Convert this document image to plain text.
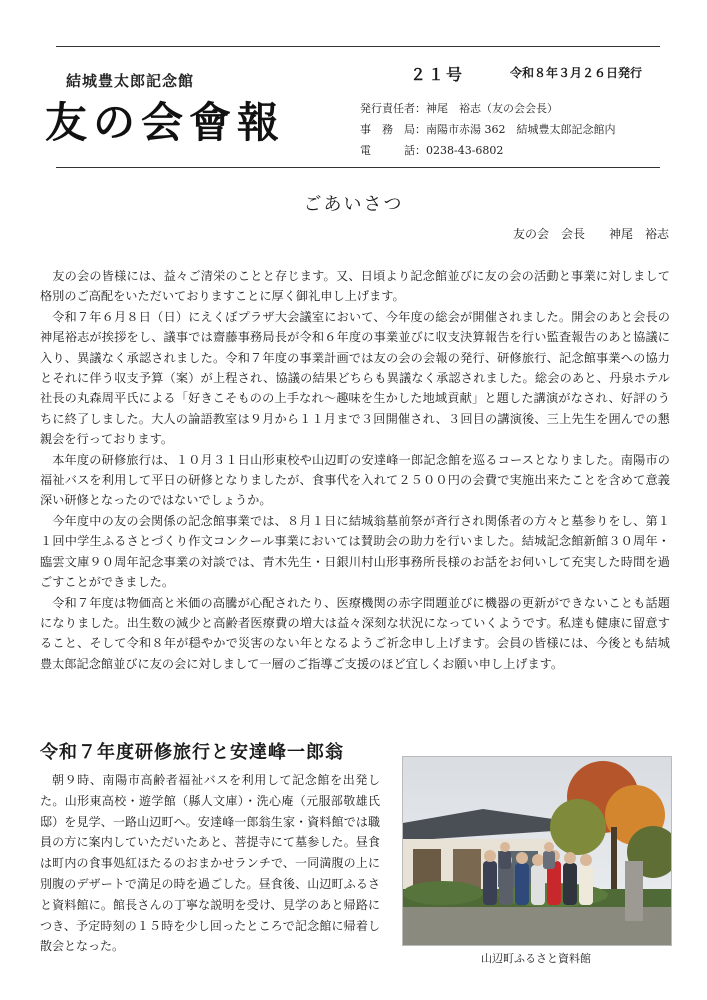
結城豊太郎記念館
友の会會報
２１号	令和８年３月２６日発行
発行責任者：神尾　裕志（友の会会長）
事　務　局：南陽市赤湯 362　結城豊太郎記念館内
電　　　話：0238-43-6802
ごあいさつ
友の会　会長　　神尾　裕志

友の会の皆様には、益々ご清栄のことと存じます。又、日頃より記念館並びに友の会の活動と事業に対しまして格別のご高配をいただいておりますことに厚く御礼申し上げます。

令和７年６月８日（日）にえくぼプラザ大会議室において、今年度の総会が開催されました。開会のあと会長の神尾裕志が挨拶をし、議事では齋藤事務局長が令和６年度の事業並びに収支決算報告を行い監査報告のあと協議に入り、異議なく承認されました。令和７年度の事業計画では友の会の会報の発行、研修旅行、記念館事業への協力とそれに伴う収支予算（案）が上程され、協議の結果どちらも異議なく承認されました。総会のあと、丹泉ホテル社長の丸森周平氏による「好きこそものの上手なれ～趣味を生かした地域貢献」と題した講演がなされ、好評のうちに終了しました。大人の論語教室は９月から１１月まで３回開催され、３回目の講演後、三上先生を囲んでの懇親会を行っております。

本年度の研修旅行は、１０月３１日山形東校や山辺町の安達峰一郎記念館を巡るコースとなりました。南陽市の福祉バスを利用して平日の研修となりましたが、食事代を入れて２５００円の会費で実施出来たことを含めて意義深い研修となったのではないでしょうか。

今年度中の友の会関係の記念館事業では、８月１日に結城翁墓前祭が斉行され関係者の方々と墓参りをし、第１１回中学生ふるさとづくり作文コンクール事業においては賛助会の助力を行いました。結城記念館新館３０周年・臨雲文庫９０周年記念事業の対談では、青木先生・日銀川村山形事務所長様のお話をお伺いして充実した時間を過ごすことができました。

令和７年度は物価高と米価の高騰が心配されたり、医療機関の赤字問題並びに機器の更新ができないことも話題になりました。出生数の減少と高齢者医療費の増大は益々深刻な状況になっていくようです。私達も健康に留意すること、そして令和８年が穏やかで災害のない年となるようご祈念申し上げます。会員の皆様には、今後とも結城豊太郎記念館並びに友の会に対しまして一層のご指導ご支援のほど宜しくお願い申し上げます。

令和７年度研修旅行と安達峰一郎翁

朝９時、南陽市高齢者福祉バスを利用して記念館を出発した。山形東高校・遊学館（縣人文庫）・洗心庵（元服部敬雄氏邸）を見学、一路山辺町へ。安達峰一郎翁生家・資料館では職員の方に案内していただいたあと、菩提寺にて墓参した。昼食は町内の食事処紅ほたるのおまかせランチで、一同満腹の上に別腹のデザートで満足の時を過ごした。昼食後、山辺町ふるさと資料館に。館長さんの丁寧な説明を受け、見学のあと帰路につき、予定時刻の１５時を少し回ったところで記念館に帰着し散会となった。

山辺町ふるさと資料館
